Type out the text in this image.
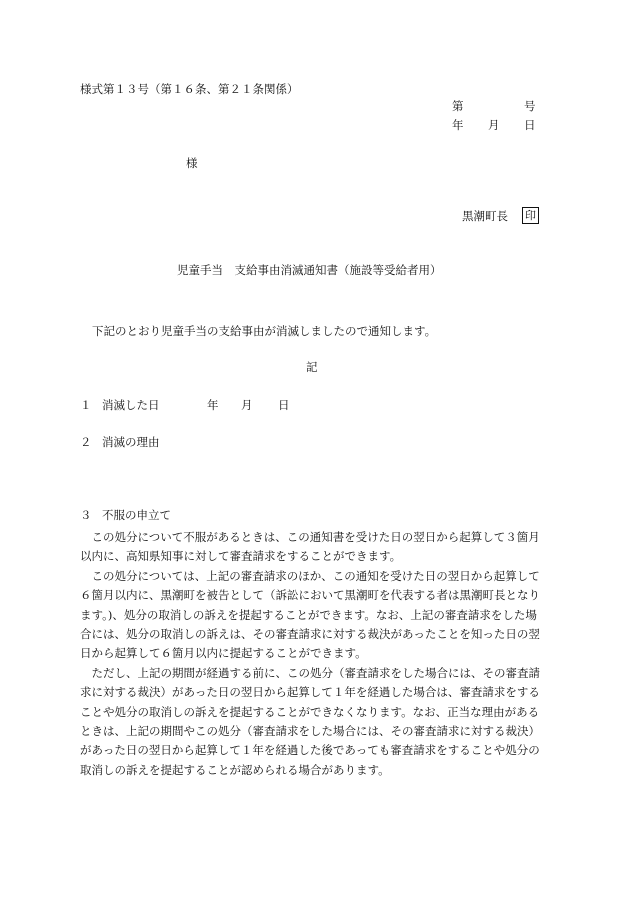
様式第１３号（第１６条、第２１条関係）
第	号
年 月 日
様
黒潮町長 印
児童手当　支給事由消滅通知書（施設等受給者用）
下記のとおり児童手当の支給事由が消滅しましたので通知します。
記
１ 消滅した日	年 月 日
２ 消滅の理由
３ 不服の申立て
　この処分について不服があるときは、この通知書を受けた日の翌日から起算して３箇月
以内に、高知県知事に対して審査請求をすることができます。
　この処分については、上記の審査請求のほか、この通知を受けた日の翌日から起算して
６箇月以内に、黒潮町を被告として（訴訟において黒潮町を代表する者は黒潮町長となり
ます。)、処分の取消しの訴えを提起することができます。なお、上記の審査請求をした場
合には、処分の取消しの訴えは、その審査請求に対する裁決があったことを知った日の翌
日から起算して６箇月以内に提起することができます。
　ただし、上記の期間が経過する前に、この処分（審査請求をした場合には、その審査請
求に対する裁決）があった日の翌日から起算して１年を経過した場合は、審査請求をする
ことや処分の取消しの訴えを提起することができなくなります。なお、正当な理由がある
ときは、上記の期間やこの処分（審査請求をした場合には、その審査請求に対する裁決）
があった日の翌日から起算して１年を経過した後であっても審査請求をすることや処分の
取消しの訴えを提起することが認められる場合があります。
